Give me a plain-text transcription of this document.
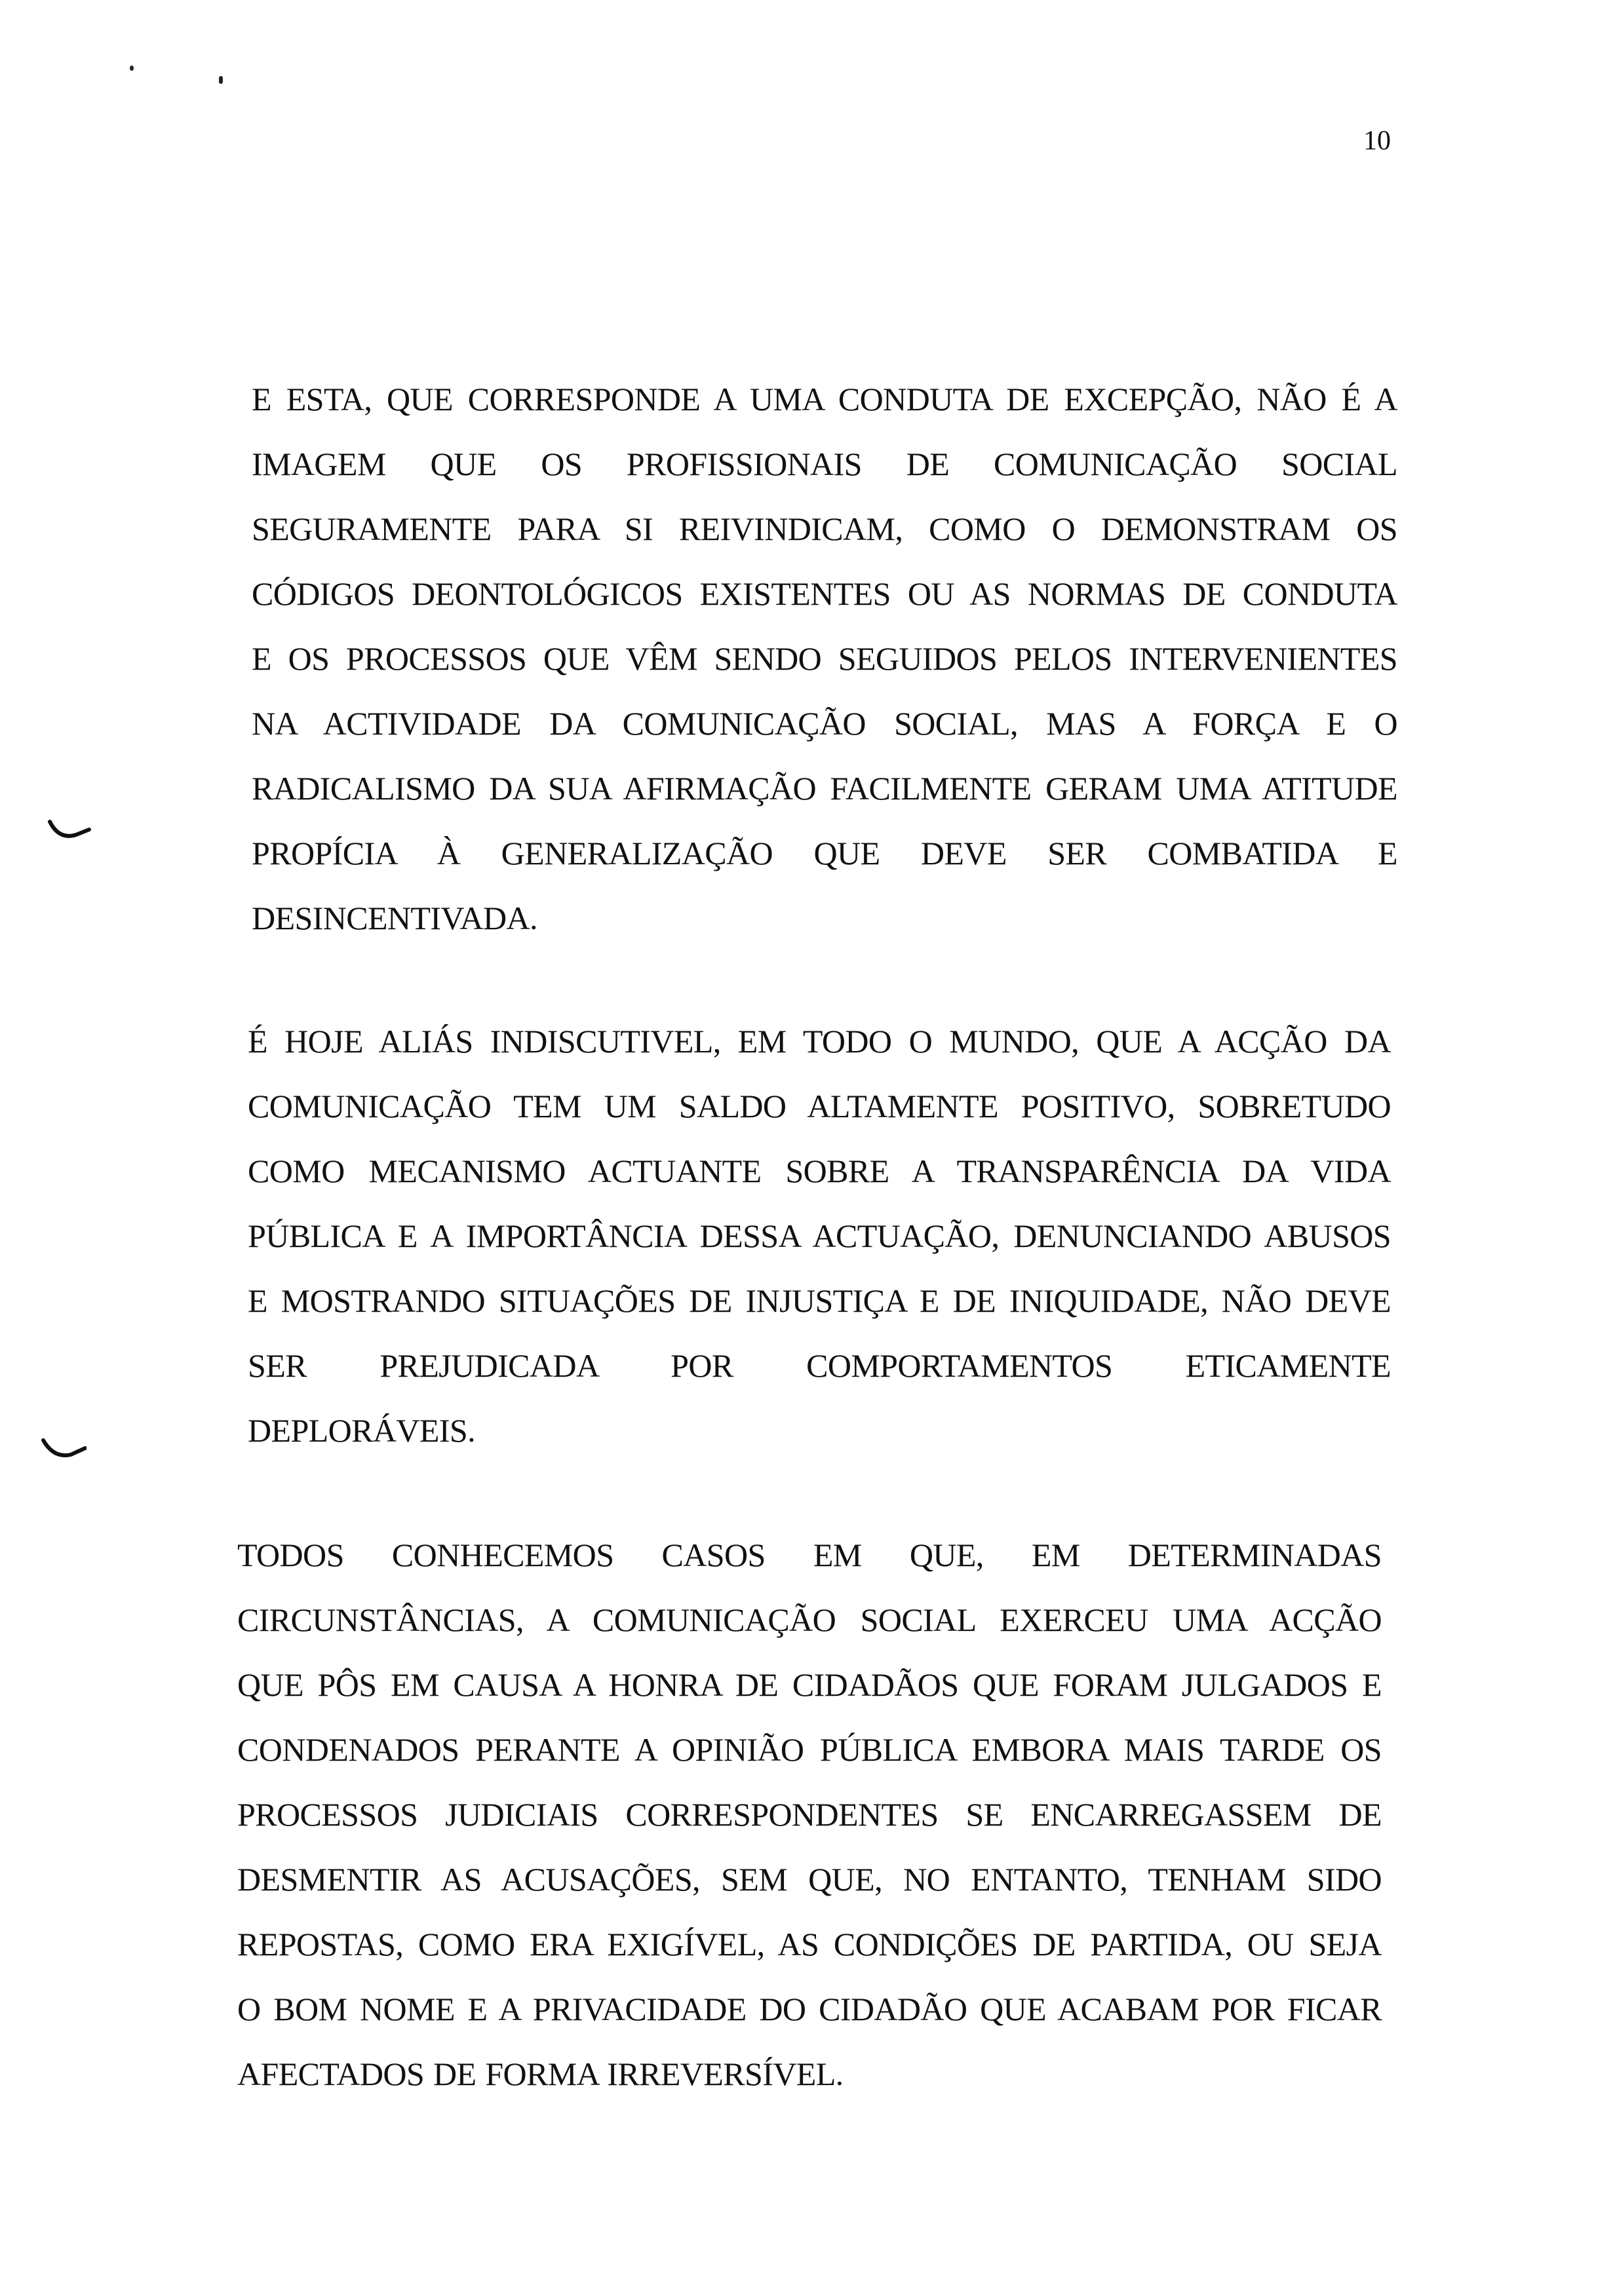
10
E ESTA, QUE CORRESPONDE A UMA CONDUTA DE EXCEPÇÃO, NÃO É A
IMAGEM QUE OS PROFISSIONAIS DE COMUNICAÇÃO SOCIAL
SEGURAMENTE PARA SI REIVINDICAM, COMO O DEMONSTRAM OS
CÓDIGOS DEONTOLÓGICOS EXISTENTES OU AS NORMAS DE CONDUTA
E OS PROCESSOS QUE VÊM SENDO SEGUIDOS PELOS INTERVENIENTES
NA ACTIVIDADE DA COMUNICAÇÃO SOCIAL, MAS A FORÇA E O
RADICALISMO DA SUA AFIRMAÇÃO FACILMENTE GERAM UMA ATITUDE
PROPÍCIA À GENERALIZAÇÃO QUE DEVE SER COMBATIDA E
DESINCENTIVADA.
É HOJE ALIÁS INDISCUTIVEL, EM TODO O MUNDO, QUE A ACÇÃO DA
COMUNICAÇÃO TEM UM SALDO ALTAMENTE POSITIVO, SOBRETUDO
COMO MECANISMO ACTUANTE SOBRE A TRANSPARÊNCIA DA VIDA
PÚBLICA E A IMPORTÂNCIA DESSA ACTUAÇÃO, DENUNCIANDO ABUSOS
E MOSTRANDO SITUAÇÕES DE INJUSTIÇA E DE INIQUIDADE, NÃO DEVE
SER PREJUDICADA POR COMPORTAMENTOS ETICAMENTE
DEPLORÁVEIS.
TODOS CONHECEMOS CASOS EM QUE, EM DETERMINADAS
CIRCUNSTÂNCIAS, A COMUNICAÇÃO SOCIAL EXERCEU UMA ACÇÃO
QUE PÔS EM CAUSA A HONRA DE CIDADÃOS QUE FORAM JULGADOS E
CONDENADOS PERANTE A OPINIÃO PÚBLICA EMBORA MAIS TARDE OS
PROCESSOS JUDICIAIS CORRESPONDENTES SE ENCARREGASSEM DE
DESMENTIR AS ACUSAÇÕES, SEM QUE, NO ENTANTO, TENHAM SIDO
REPOSTAS, COMO ERA EXIGÍVEL, AS CONDIÇÕES DE PARTIDA, OU SEJA
O BOM NOME E A PRIVACIDADE DO CIDADÃO QUE ACABAM POR FICAR
AFECTADOS DE FORMA IRREVERSÍVEL.
